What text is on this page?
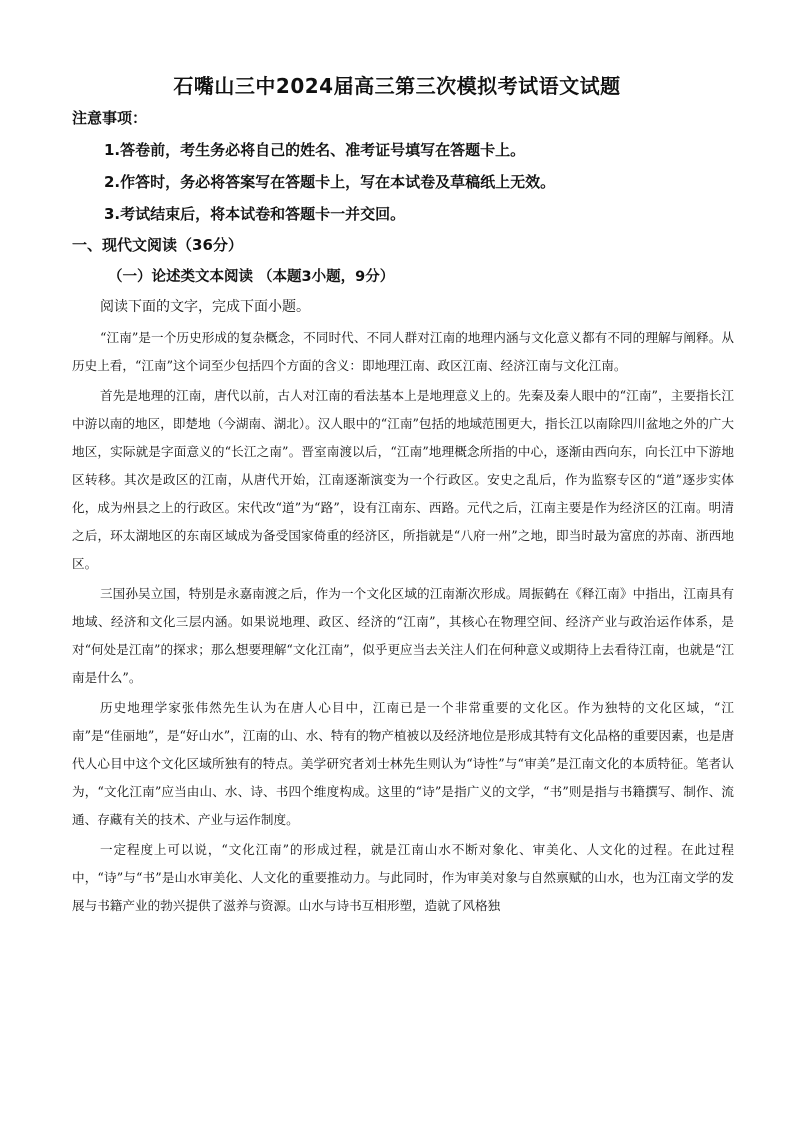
石嘴山三中2024届高三第三次模拟考试语文试题
注意事项：
1.答卷前，考生务必将自己的姓名、准考证号填写在答题卡上。
2.作答时，务必将答案写在答题卡上，写在本试卷及草稿纸上无效。
3.考试结束后，将本试卷和答题卡一并交回。
一、现代文阅读（36分）
（一）论述类文本阅读 （本题3小题，9分）
阅读下面的文字，完成下面小题。

“江南”是一个历史形成的复杂概念，不同时代、不同人群对江南的地理内涵与文化意义都有不同的理解与阐释。从历史上看，“江南”这个词至少包括四个方面的含义：即地理江南、政区江南、经济江南与文化江南。

首先是地理的江南，唐代以前，古人对江南的看法基本上是地理意义上的。先秦及秦人眼中的“江南”，主要指长江中游以南的地区，即楚地（今湖南、湖北）。汉人眼中的“江南”包括的地域范围更大，指长江以南除四川盆地之外的广大地区，实际就是字面意义的“长江之南”。晋室南渡以后，“江南”地理概念所指的中心，逐渐由西向东，向长江中下游地区转移。其次是政区的江南，从唐代开始，江南逐渐演变为一个行政区。安史之乱后，作为监察专区的“道”逐步实体化，成为州县之上的行政区。宋代改“道”为“路”，设有江南东、西路。元代之后，江南主要是作为经济区的江南。明清之后，环太湖地区的东南区域成为备受国家倚重的经济区，所指就是“八府一州”之地，即当时最为富庶的苏南、浙西地区。

三国孙吴立国，特别是永嘉南渡之后，作为一个文化区域的江南渐次形成。周振鹤在《释江南》中指出，江南具有地域、经济和文化三层内涵。如果说地理、政区、经济的“江南”，其核心在物理空间、经济产业与政治运作体系，是对“何处是江南”的探求；那么想要理解“文化江南”，似乎更应当去关注人们在何种意义或期待上去看待江南，也就是“江南是什么”。

历史地理学家张伟然先生认为在唐人心目中，江南已是一个非常重要的文化区。作为独特的文化区域，“江南”是“佳丽地”，是“好山水”，江南的山、水、特有的物产植被以及经济地位是形成其特有文化品格的重要因素，也是唐代人心目中这个文化区域所独有的特点。美学研究者刘士林先生则认为“诗性”与“审美”是江南文化的本质特征。笔者认为，“文化江南”应当由山、水、诗、书四个维度构成。这里的“诗”是指广义的文学，“书”则是指与书籍撰写、制作、流通、存藏有关的技术、产业与运作制度。

一定程度上可以说，“文化江南”的形成过程，就是江南山水不断对象化、审美化、人文化的过程。在此过程中，“诗”与“书”是山水审美化、人文化的重要推动力。与此同时，作为审美对象与自然禀赋的山水，也为江南文学的发展与书籍产业的勃兴提供了滋养与资源。山水与诗书互相形塑，造就了风格独
